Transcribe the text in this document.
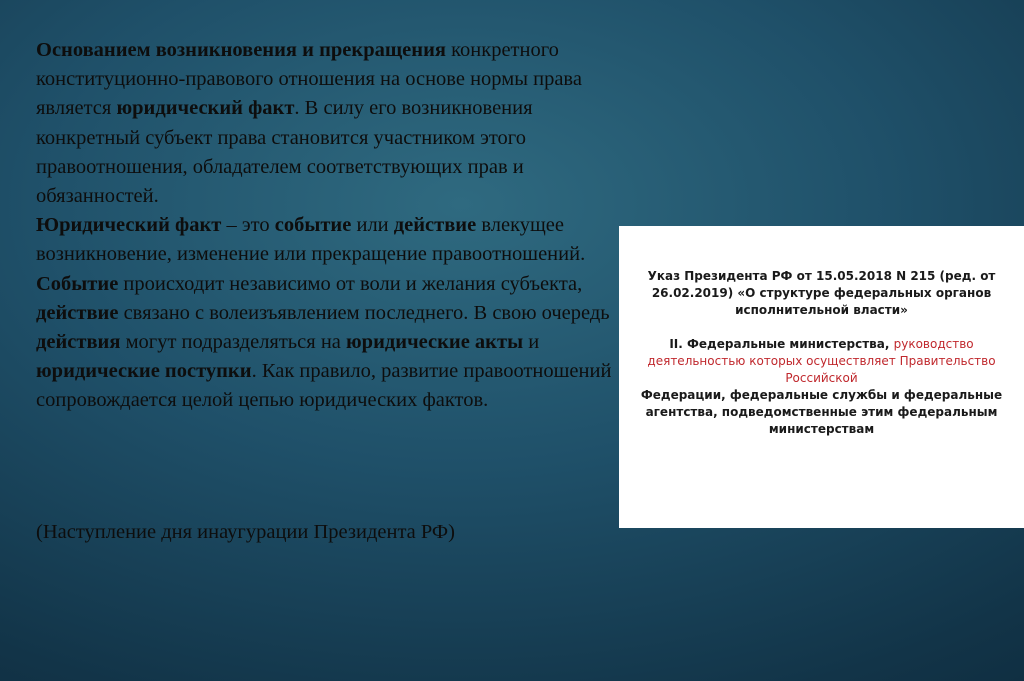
Основанием возникновения и прекращения конкретного конституционно-правового отношения на основе нормы права является юридический факт. В силу его возникновения конкретный субъект права становится участником этого правоотношения, обладателем соответствующих прав и обязанностей.

Юридический факт – это событие или действие влекущее возникновение, изменение или прекращение правоотношений.

Событие происходит независимо от воли и желания субъекта, действие связано с волеизъявлением последнего. В свою очередь действия могут подразделяться на юридические акты и юридические поступки. Как правило, развитие правоотношений сопровождается целой цепью юридических фактов.

(Наступление дня инаугурации Президента РФ)

Указ Президента РФ от 15.05.2018 N 215 (ред. от 26.02.2019) «О структуре федеральных органов исполнительной власти»

II. Федеральные министерства, руководство деятельностью которых осуществляет Правительство Российской

Федерации, федеральные службы и федеральные агентства, подведомственные этим федеральным министерствам
